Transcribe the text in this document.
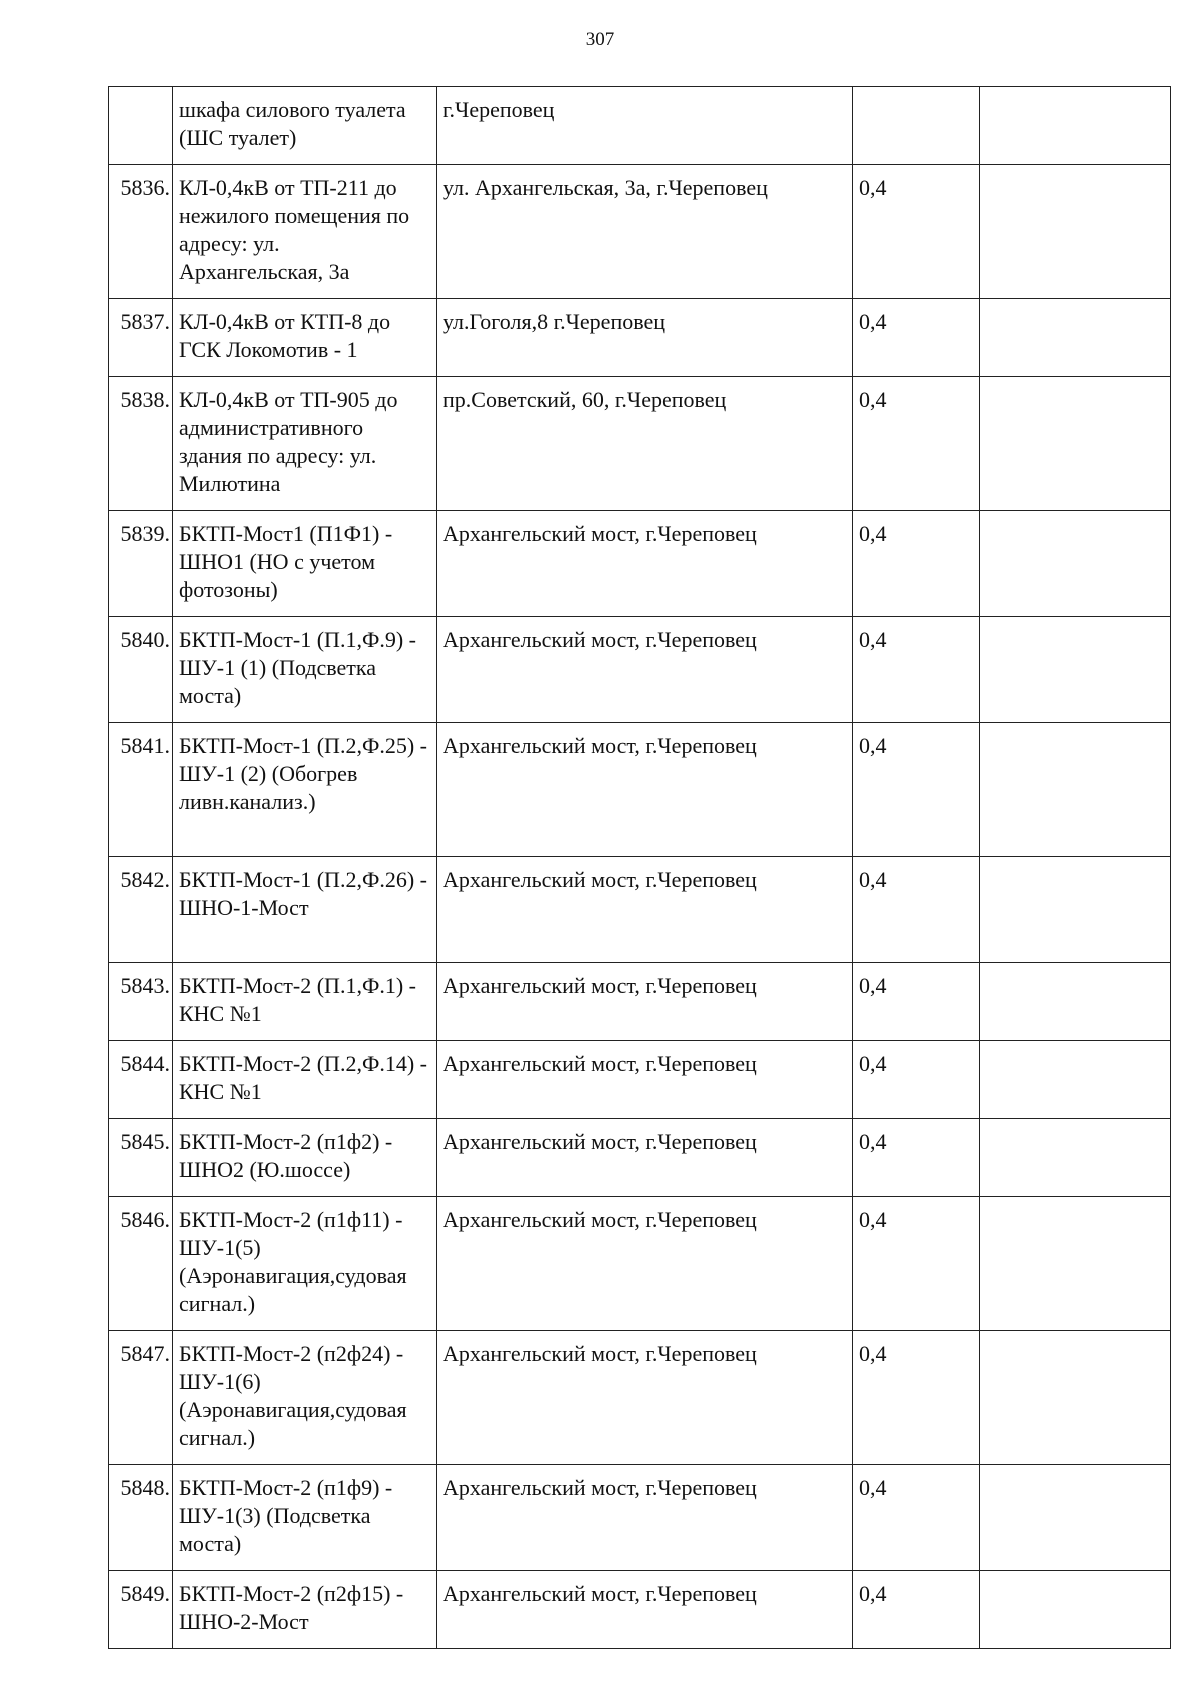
307
	шкафа силового туалета (ШС туалет)	г.Череповец		
5836.	КЛ-0,4кВ от ТП-211 до нежилого помещения по адресу: ул. Архангельская, 3а	ул. Архангельская, 3а, г.Череповец	0,4	
5837.	КЛ-0,4кВ от КТП-8 до ГСК Локомотив - 1	ул.Гоголя,8 г.Череповец	0,4	
5838.	КЛ-0,4кВ от ТП-905 до административного здания по адресу: ул. Милютина	пр.Советский, 60, г.Череповец	0,4	
5839.	БКТП-Мост1 (П1Ф1) - ШНО1 (НО с учетом фотозоны)	Архангельский мост, г.Череповец	0,4	
5840.	БКТП-Мост-1 (П.1,Ф.9) - ШУ-1 (1) (Подсветка моста)	Архангельский мост, г.Череповец	0,4	
5841.	БКТП-Мост-1 (П.2,Ф.25) - ШУ-1 (2) (Обогрев ливн.канализ.)	Архангельский мост, г.Череповец	0,4	
5842.	БКТП-Мост-1 (П.2,Ф.26) - ШНО-1-Мост	Архангельский мост, г.Череповец	0,4	
5843.	БКТП-Мост-2 (П.1,Ф.1) - КНС №1	Архангельский мост, г.Череповец	0,4	
5844.	БКТП-Мост-2 (П.2,Ф.14) - КНС №1	Архангельский мост, г.Череповец	0,4	
5845.	БКТП-Мост-2 (п1ф2) - ШНО2 (Ю.шоссе)	Архангельский мост, г.Череповец	0,4	
5846.	БКТП-Мост-2 (п1ф11) - ШУ-1(5) (Аэронавигация,судовая сигнал.)	Архангельский мост, г.Череповец	0,4	
5847.	БКТП-Мост-2 (п2ф24) - ШУ-1(6) (Аэронавигация,судовая сигнал.)	Архангельский мост, г.Череповец	0,4	
5848.	БКТП-Мост-2 (п1ф9) - ШУ-1(3) (Подсветка моста)	Архангельский мост, г.Череповец	0,4	
5849.	БКТП-Мост-2 (п2ф15) - ШНО-2-Мост	Архангельский мост, г.Череповец	0,4	
